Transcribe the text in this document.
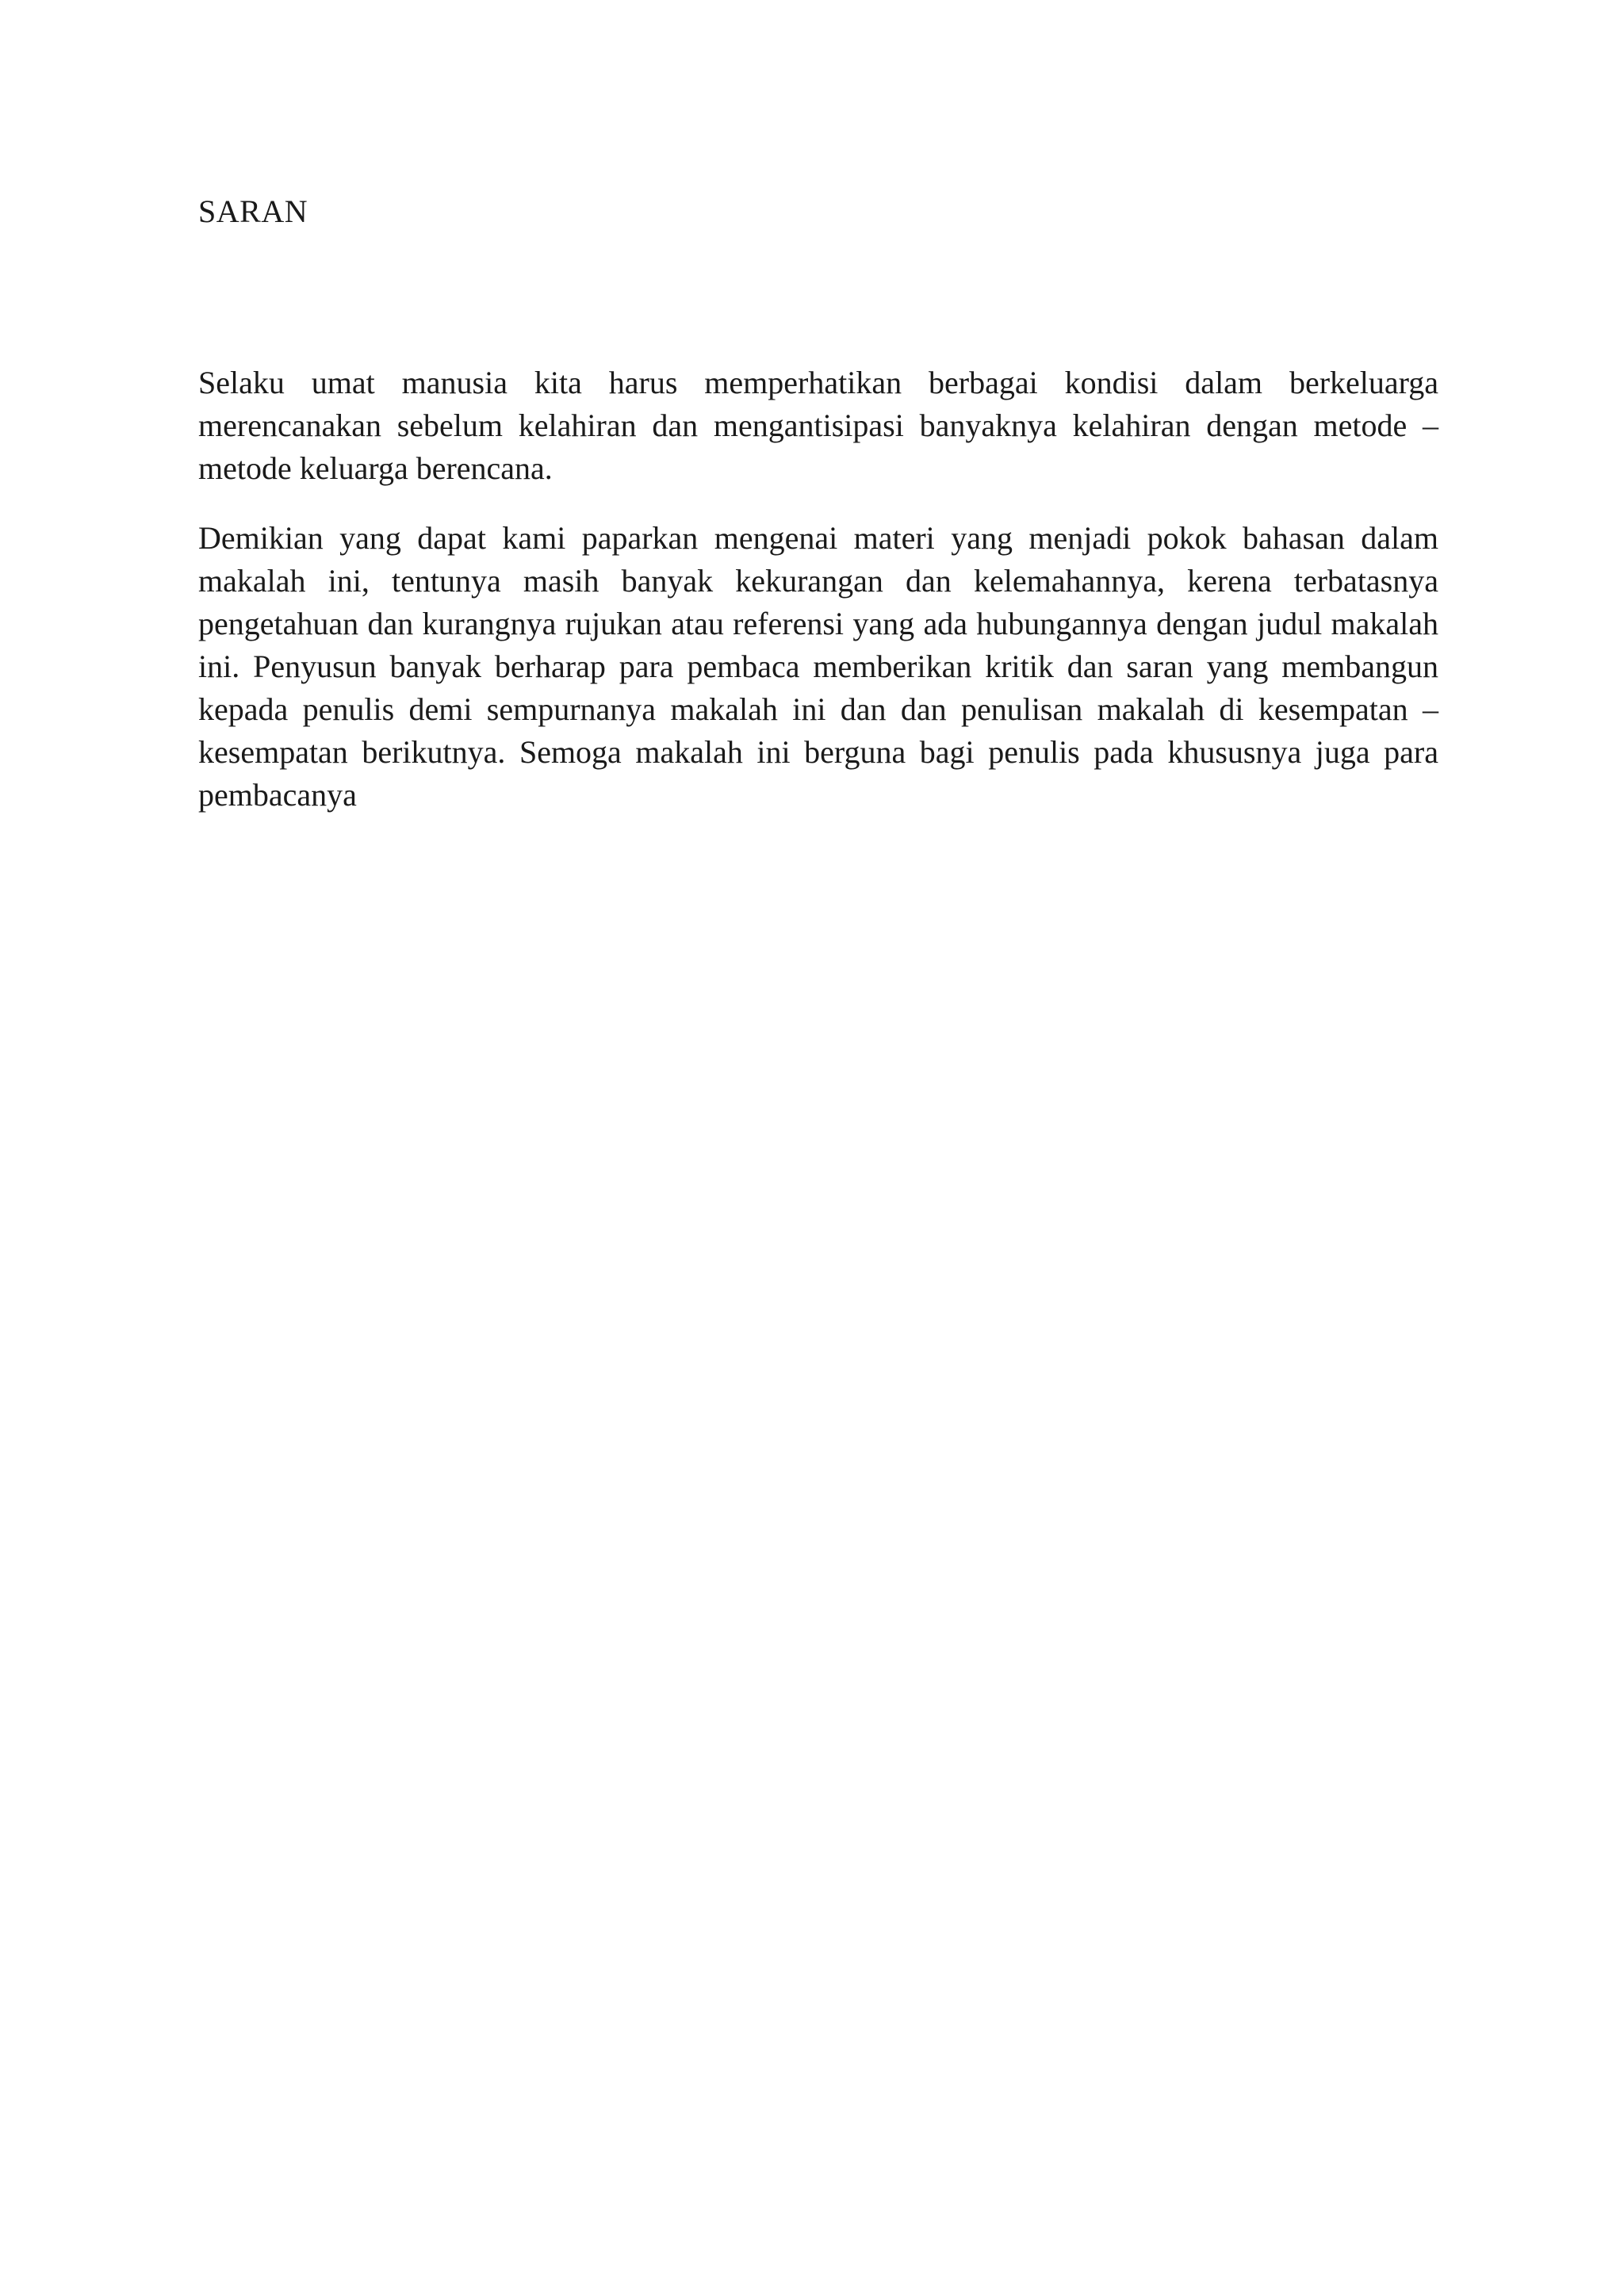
SARAN

Selaku umat manusia kita harus memperhatikan berbagai kondisi dalam berkeluarga merencanakan sebelum kelahiran dan mengantisipasi banyaknya kelahiran dengan metode – metode keluarga berencana.

Demikian yang dapat kami paparkan mengenai materi yang menjadi pokok bahasan dalam makalah ini, tentunya masih banyak kekurangan dan kelemahannya, kerena terbatasnya pengetahuan dan kurangnya rujukan atau referensi yang ada hubungannya dengan judul makalah ini. Penyusun banyak berharap para pembaca memberikan kritik dan saran yang membangun kepada penulis demi sempurnanya makalah ini dan dan penulisan makalah di kesempatan – kesempatan berikutnya. Semoga makalah ini berguna bagi penulis pada khususnya juga para pembacanya
